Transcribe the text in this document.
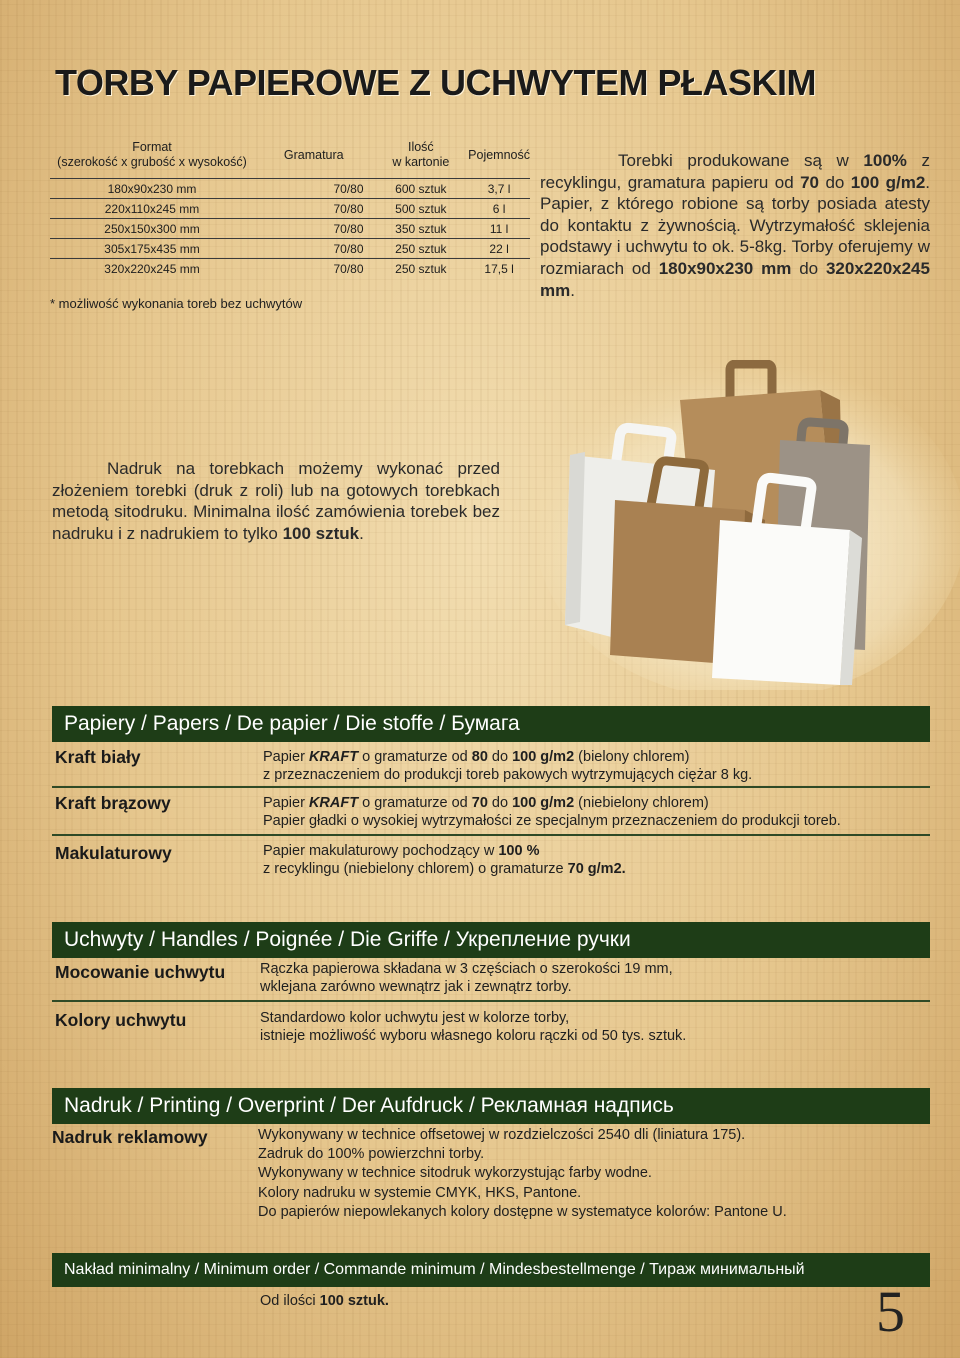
TORBY PAPIEROWE Z UCHWYTEM PŁASKIM
Format
(szerokość x grubość x wysokość)	Gramatura	Ilość
w kartonie	Pojemność
180x90x230 mm	70/80	600 sztuk	3,7 l
220x110x245 mm	70/80	500 sztuk	6 l
250x150x300 mm	70/80	350 sztuk	11 l
305x175x435 mm	70/80	250 sztuk	22 l
320x220x245 mm	70/80	250 sztuk	17,5 l
* możliwość wykonania toreb bez uchwytów

Torebki produkowane są w 100% z recyklingu, gramatura papieru od 70 do 100 g/m2. Papier, z którego robione są torby posiada atesty do kontaktu z żywnością. Wytrzymałość sklejenia podstawy i uchwytu to ok. 5-8kg. Torby oferujemy w rozmiarach od 180x90x230 mm do 320x220x245 mm.

Nadruk na torebkach możemy wykonać przed złożeniem torebki (druk z roli) lub na gotowych torebkach metodą sitodruku. Minimalna ilość zamówienia torebek bez nadruku i z nadrukiem to tylko 100 sztuk.

Papiery / Papers / De papier / Die stoffe / Бумага
Kraft biały	Papier KRAFT o gramaturze od 80 do 100 g/m2 (bielony chlorem)
z przeznaczeniem do produkcji toreb pakowych wytrzymujących ciężar 8 kg.
Kraft brązowy	Papier KRAFT o gramaturze od 70 do 100 g/m2 (niebielony chlorem)
Papier gładki o wysokiej wytrzymałości ze specjalnym przeznaczeniem do produkcji toreb.
Makulaturowy	Papier makulaturowy pochodzący w 100 %
z recyklingu (niebielony chlorem) o gramaturze 70 g/m2.
Uchwyty / Handles / Poignée / Die Griffe / Укрепление ручки
Mocowanie uchwytu Rączka papierowa składana w 3 częściach o szerokości 19 mm,
wklejana zarówno wewnątrz jak i zewnątrz torby.
Kolory uchwytu	Standardowo kolor uchwytu jest w kolorze torby,
istnieje możliwość wyboru własnego koloru rączki od 50 tys. sztuk.
Nadruk / Printing / Overprint / Der Aufdruck / Рекламная надпись
Nadruk reklamowy	Wykonywany w technice offsetowej w rozdzielczości 2540 dli (liniatura 175).
Zadruk do 100% powierzchni torby.
Wykonywany w technice sitodruk wykorzystując farby wodne.
Kolory nadruku w systemie CMYK, HKS, Pantone.
Do papierów niepowlekanych kolory dostępne w systematyce kolorów: Pantone U.
Nakład minimalny / Minimum order / Commande minimum / Mindesbestellmenge / Тираж минимальный
Od ilości 100 sztuk.	5
